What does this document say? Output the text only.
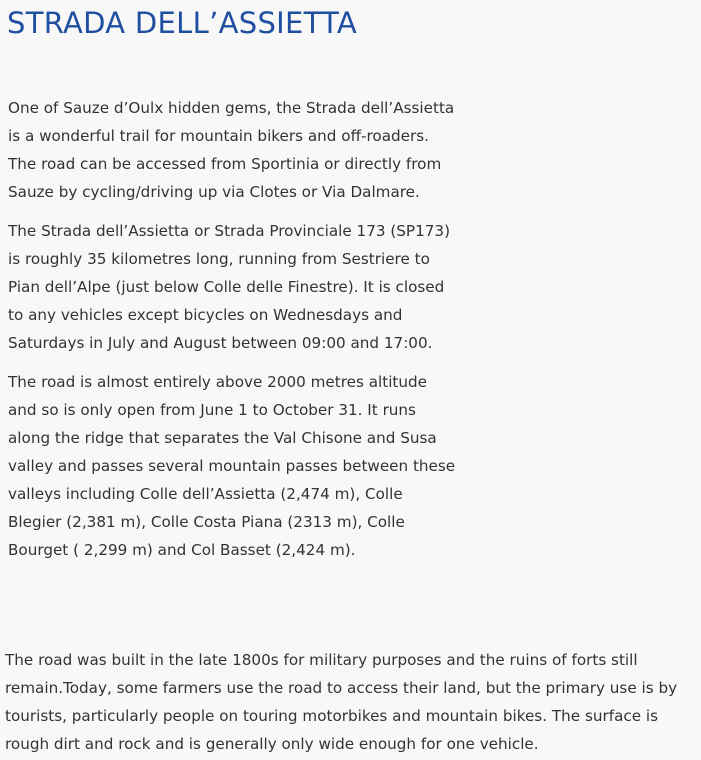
STRADA DELL’ASSIETTA

One of Sauze d’Oulx hidden gems, the Strada dell’Assietta is a wonderful trail for mountain bikers and off-roaders. The road can be accessed from Sportinia or directly from Sauze by cycling/driving up via Clotes or Via Dalmare.

The Strada dell’Assietta or Strada Provinciale 173 (SP173) is roughly 35 kilometres long, running from Sestriere to Pian dell’Alpe (just below Colle delle Finestre). It is closed to any vehicles except bicycles on Wednesdays and Saturdays in July and August between 09:00 and 17:00.

The road is almost entirely above 2000 metres altitude and so is only open from June 1 to October 31. It runs along the ridge that separates the Val Chisone and Susa valley and passes several mountain passes between these valleys including Colle dell’Assietta (2,474 m), Colle Blegier (2,381 m), Colle Costa Piana (2313 m), Colle Bourget ( 2,299 m) and Col Basset (2,424 m).

The road was built in the late 1800s for military purposes and the ruins of forts still remain.Today, some farmers use the road to access their land, but the primary use is by tourists, particularly people on touring motorbikes and mountain bikes. The surface is rough dirt and rock and is generally only wide enough for one vehicle.
